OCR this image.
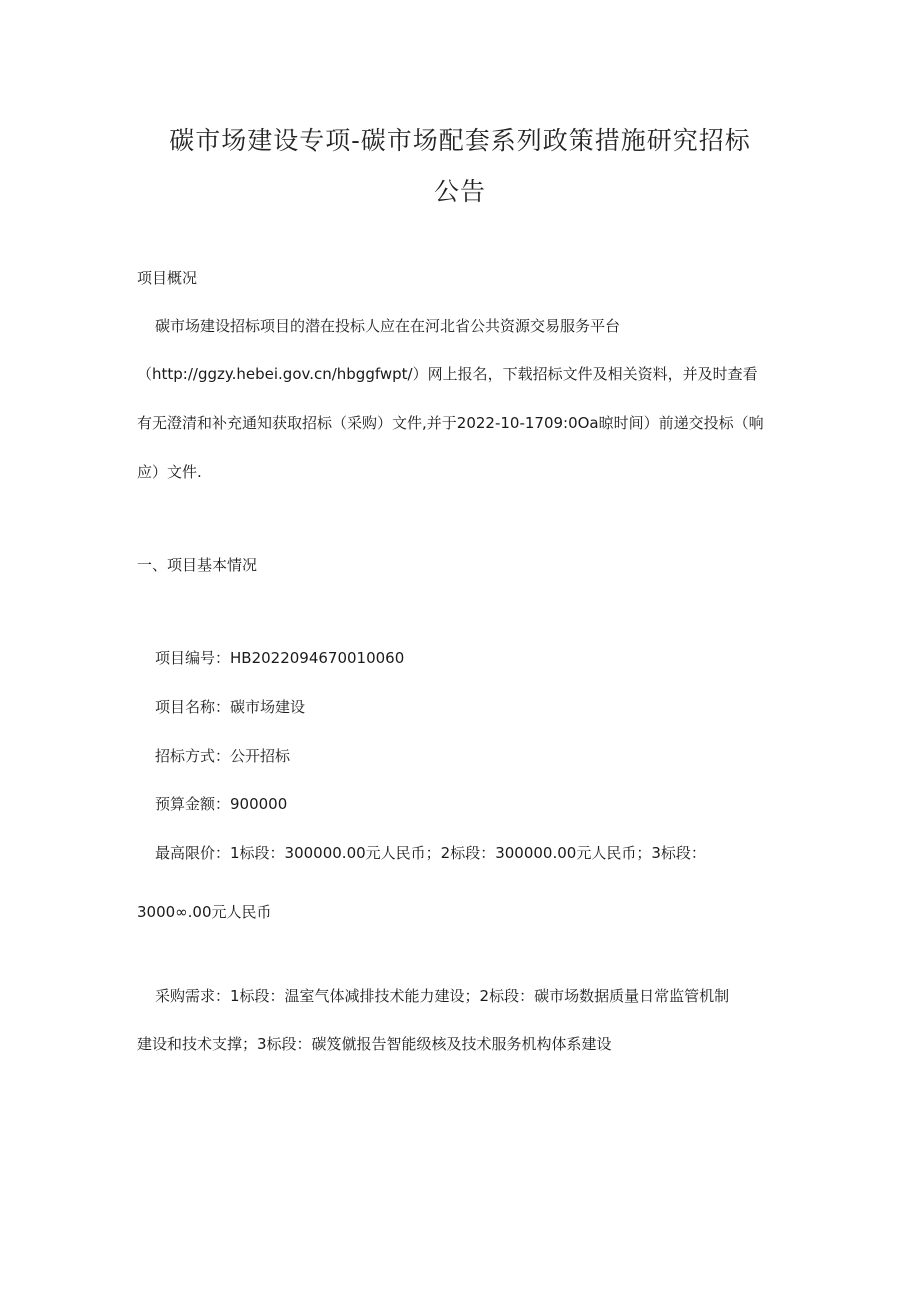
碳市场建设专项-碳市场配套系列政策措施研究招标
公告
项目概况
碳市场建设招标项目的潜在投标人应在在河北省公共资源交易服务平台
（http://ggzy.hebei.gov.cn/hbggfwpt/）网上报名，下载招标文件及相关资料，并及时查看
有无澄清和补充通知获取招标（采购）文件,并于2022-10-1709:0Oa晾时间）前递交投标（响
应）文件.
一、项目基本情况
项目编号：HB2022094670010060
项目名称：碳市场建设
招标方式：公开招标
预算金额：900000
最高限价：1标段：300000.00元人民币；2标段：300000.00元人民币；3标段：
3000∞.00元人民币
采购需求：1标段：温室气体减排技术能力建设；2标段：碳市场数据质量日常监管机制
建设和技术支撑；3标段：碳笈僦报告智能级核及技术服务机构体系建设
